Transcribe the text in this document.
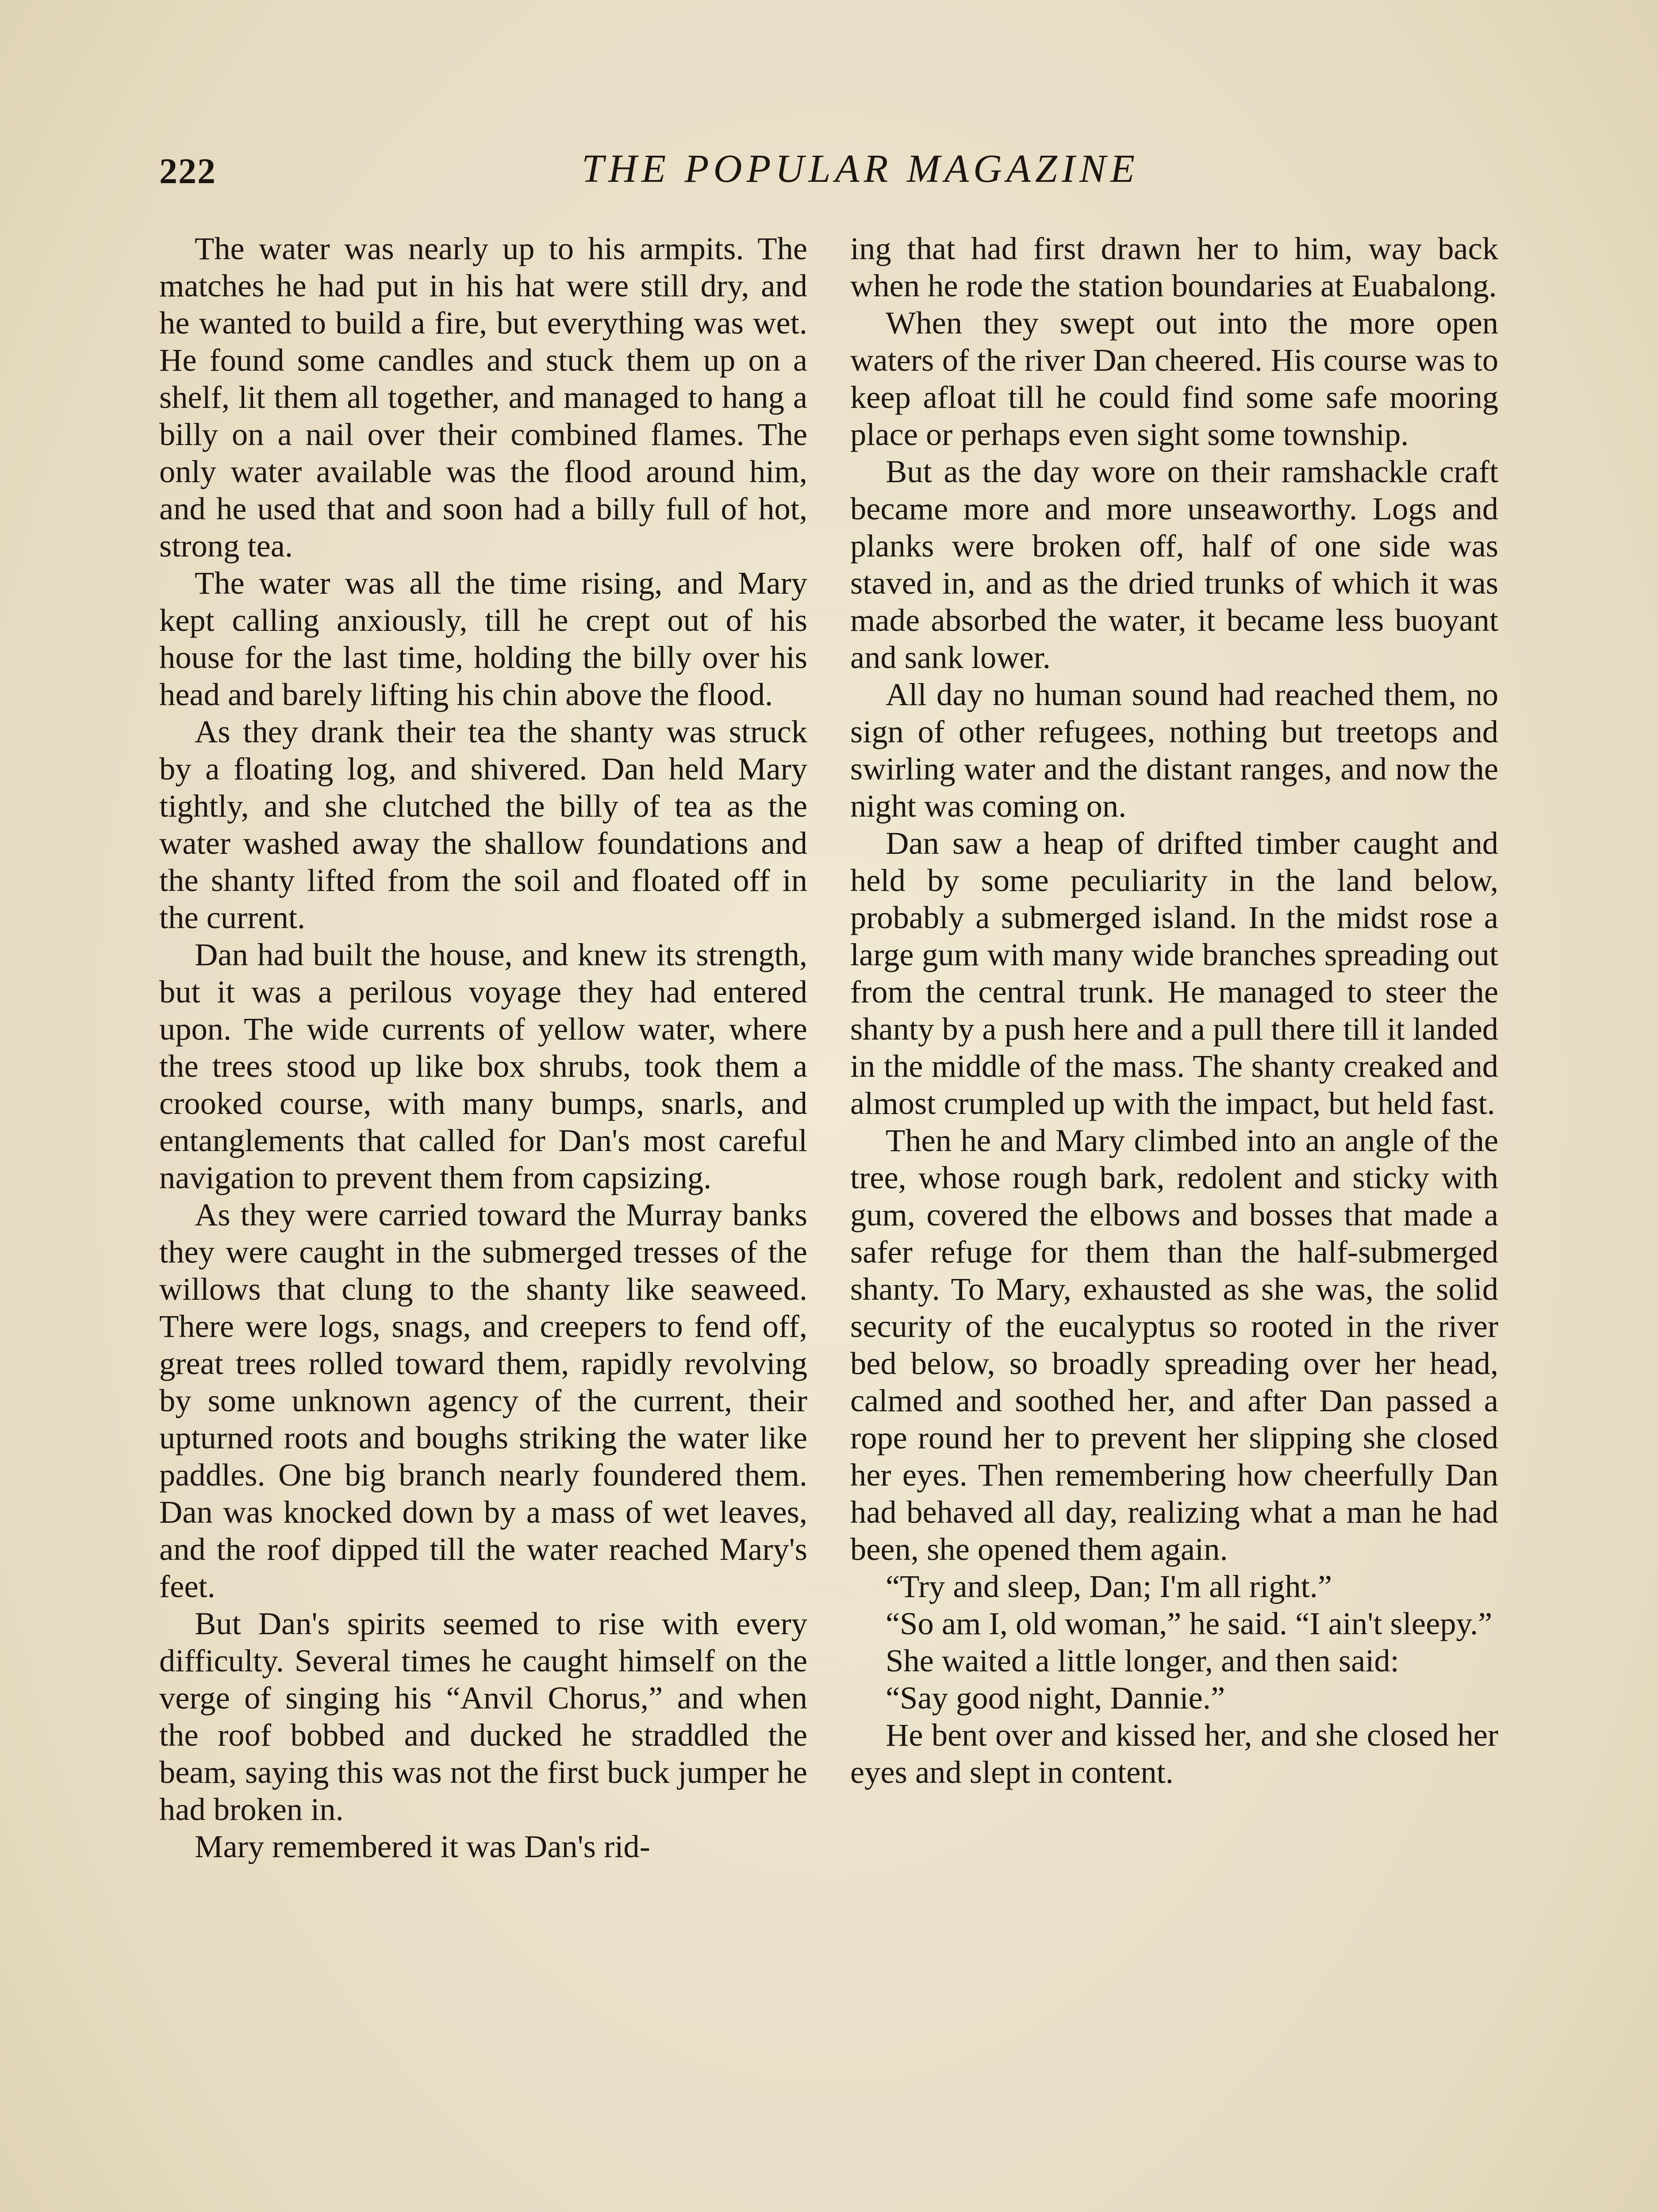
222	THE POPULAR MAGAZINE

The water was nearly up to his armpits. The matches he had put in his hat were still dry, and he wanted to build a fire, but everything was wet. He found some candles and stuck them up on a shelf, lit them all together, and managed to hang a billy on a nail over their combined flames. The only water available was the flood around him, and he used that and soon had a billy full of hot, strong tea.

The water was all the time rising, and Mary kept calling anxiously, till he crept out of his house for the last time, holding the billy over his head and barely lifting his chin above the flood.

As they drank their tea the shanty was struck by a floating log, and shivered. Dan held Mary tightly, and she clutched the billy of tea as the water washed away the shallow foundations and the shanty lifted from the soil and floated off in the current.

Dan had built the house, and knew its strength, but it was a perilous voyage they had entered upon. The wide currents of yellow water, where the trees stood up like box shrubs, took them a crooked course, with many bumps, snarls, and entanglements that called for Dan's most careful navigation to prevent them from capsizing.

As they were carried toward the Murray banks they were caught in the submerged tresses of the willows that clung to the shanty like seaweed. There were logs, snags, and creepers to fend off, great trees rolled toward them, rapidly revolving by some unknown agency of the current, their upturned roots and boughs striking the water like paddles. One big branch nearly foundered them. Dan was knocked down by a mass of wet leaves, and the roof dipped till the water reached Mary's feet.

But Dan's spirits seemed to rise with every difficulty. Several times he caught himself on the verge of singing his “Anvil Chorus,” and when the roof bobbed and ducked he straddled the beam, saying this was not the first buck jumper he had broken in.

Mary remembered it was Dan's rid-

ing that had first drawn her to him, way back when he rode the station boundaries at Euabalong.

When they swept out into the more open waters of the river Dan cheered. His course was to keep afloat till he could find some safe mooring place or perhaps even sight some township.

But as the day wore on their ramshackle craft became more and more unseaworthy. Logs and planks were broken off, half of one side was staved in, and as the dried trunks of which it was made absorbed the water, it became less buoyant and sank lower.

All day no human sound had reached them, no sign of other refugees, nothing but treetops and swirling water and the distant ranges, and now the night was coming on.

Dan saw a heap of drifted timber caught and held by some peculiarity in the land below, probably a submerged island. In the midst rose a large gum with many wide branches spreading out from the central trunk. He managed to steer the shanty by a push here and a pull there till it landed in the middle of the mass. The shanty creaked and almost crumpled up with the impact, but held fast.

Then he and Mary climbed into an angle of the tree, whose rough bark, redolent and sticky with gum, covered the elbows and bosses that made a safer refuge for them than the half-submerged shanty. To Mary, exhausted as she was, the solid security of the eucalyptus so rooted in the river bed below, so broadly spreading over her head, calmed and soothed her, and after Dan passed a rope round her to prevent her slipping she closed her eyes. Then remembering how cheerfully Dan had behaved all day, realizing what a man he had been, she opened them again.

“Try and sleep, Dan; I'm all right.”

“So am I, old woman,” he said. “I ain't sleepy.”

She waited a little longer, and then said:

“Say good night, Dannie.”

He bent over and kissed her, and she closed her eyes and slept in content.
